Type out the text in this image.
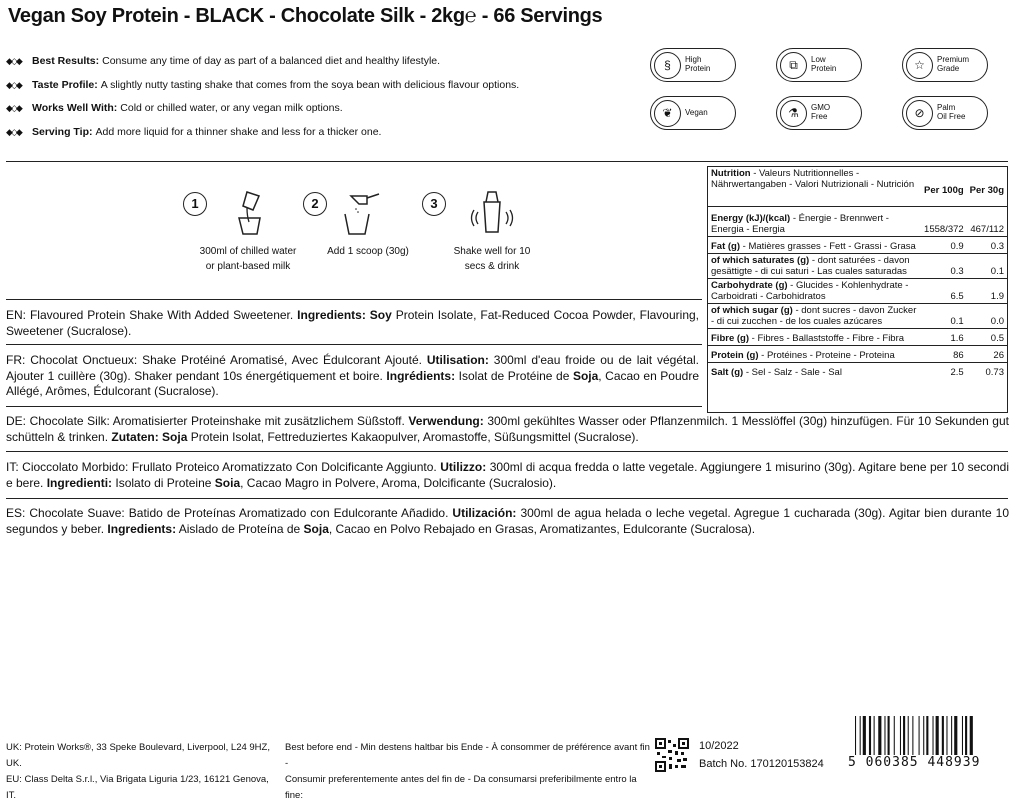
Vegan Soy Protein - BLACK - Chocolate Silk - 2kg℮ - 66 Servings
◆◇◆	Best Results: Consume any time of day as part of a balanced diet and healthy lifestyle.
◆◇◆	Taste Profile: A slightly nutty tasting shake that comes from the soya bean with delicious flavour options.
◆◇◆	Works Well With: Cold or chilled water, or any vegan milk options.
◆◇◆	Serving Tip: Add more liquid for a thinner shake and less for a thicker one.
§	High
Protein	⧉	Low
Protein	☆	Premium
Grade
❦	Vegan	⚗	GMO
Free	⊘	Palm
Oil Free
1
300ml of chilled water
or plant-based milk
2
Add 1 scoop (30g)

3
Shake well for 10
secs & drink
EN: Flavoured Protein Shake With Added Sweetener. Ingredients: Soy Protein Isolate, Fat-Reduced Cocoa Powder, Flavouring, Sweetener (Sucralose).
FR: Chocolat Onctueux: Shake Protéiné Aromatisé, Avec Édulcorant Ajouté. Utilisation: 300ml d'eau froide ou de lait végétal. Ajouter 1 cuillère (30g). Shaker pendant 10s énergétiquement et boire. Ingrédients: Isolat de Protéine de Soja, Cacao en Poudre Allégé, Arômes, Édulcorant (Sucralose).
DE: Chocolate Silk: Aromatisierter Proteinshake mit zusätzlichem Süßstoff. Verwendung: 300ml gekühltes Wasser oder Pflanzenmilch. 1 Messlöffel (30g) hinzufügen. Für 10 Sekunden gut schütteln & trinken. Zutaten: Soja Protein Isolat, Fettreduziertes Kakaopulver, Aromastoffe, Süßungsmittel (Sucralose).
IT: Cioccolato Morbido: Frullato Proteico Aromatizzato Con Dolcificante Aggiunto. Utilizzo: 300ml di acqua fredda o latte vegetale. Aggiungere 1 misurino (30g). Agitare bene per 10 secondi e bere. Ingredienti: Isolato di Proteine Soia, Cacao Magro in Polvere, Aroma, Dolcificante (Sucralosio).
ES: Chocolate Suave: Batido de Proteínas Aromatizado con Edulcorante Añadido. Utilización: 300ml de agua helada o leche vegetal. Agregue 1 cucharada (30g). Agitar bien durante 10 segundos y beber. Ingredients: Aislado de Proteína de Soja, Cacao en Polvo Rebajado en Grasas, Aromatizantes, Edulcorante (Sucralosa).
Nutrition - Valeurs Nutritionnelles - Nährwertangaben - Valori Nutrizionali - Nutrición	Per 100g	Per 30g
Energy (kJ)/(kcal) - Énergie - Brennwert - Energia - Energia	1558/372	467/112
Fat (g) - Matières grasses - Fett - Grassi - Grasa	0.9	0.3
of which saturates (g) - dont saturées - davon gesättigte - di cui saturi - Las cuales saturadas	0.3	0.1
Carbohydrate (g) - Glucides - Kohlenhydrate - Carboidrati - Carbohidratos	6.5	1.9
of which sugar (g) - dont sucres - davon Zucker - di cui zucchen - de los cuales azúcares	0.1	0.0
Fibre (g) - Fibres - Ballaststoffe - Fibre - Fibra	1.6	0.5
Protein (g) - Protéines - Proteine - Proteina	86	26
Salt (g) - Sel - Salz - Sale - Sal	2.5	0.73
UK: Protein Works®, 33 Speke Boulevard, Liverpool, L24 9HZ, UK.
EU: Class Delta S.r.l., Via Brigata Liguria 1/23, 16121 Genova, IT.
Best before end - Min destens haltbar bis Ende - À consommer de préférence avant fin -
Consumir preferentemente antes del fin de - Da consumarsi preferibilmente entro la fine:
10/2022
Batch No. 170120153824 5 060385 448939
